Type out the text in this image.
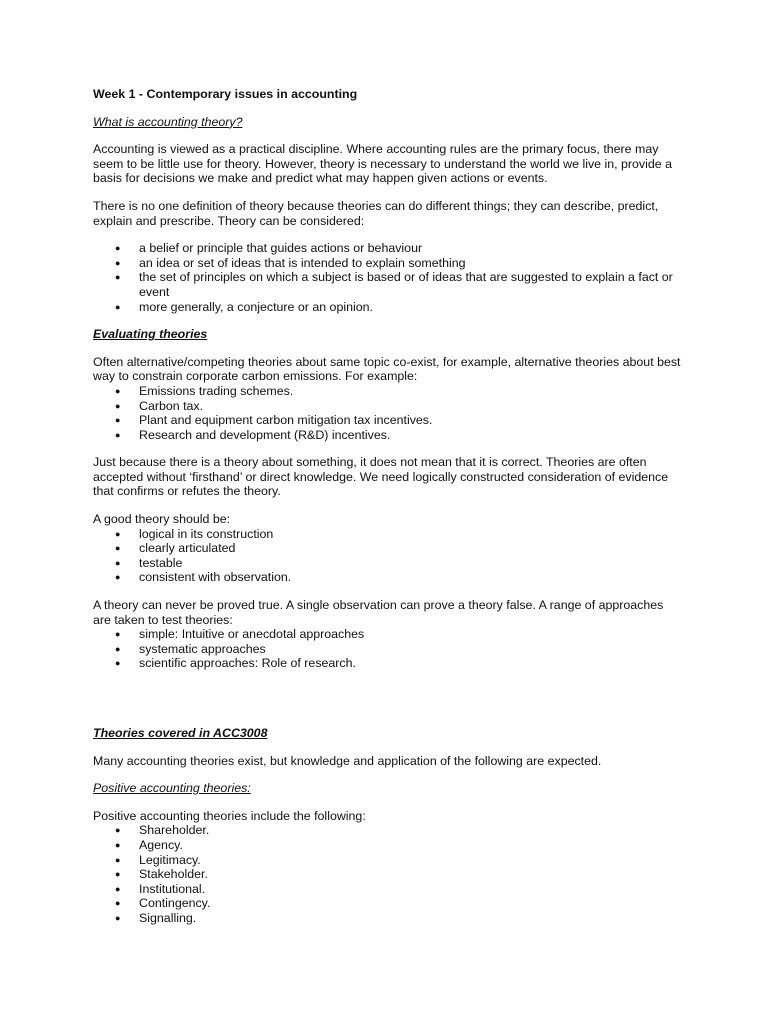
Week 1 - Contemporary issues in accounting
What is accounting theory?

Accounting is viewed as a practical discipline. Where accounting rules are the primary focus, there may seem to be little use for theory. However, theory is necessary to understand the world we live in, provide a basis for decisions we make and predict what may happen given actions or events.

There is no one definition of theory because theories can do different things; they can describe, predict, explain and prescribe. Theory can be considered:

● a belief or principle that guides actions or behaviour
● an idea or set of ideas that is intended to explain something
● the set of principles on which a subject is based or of ideas that are suggested to explain a fact or event
● more generally, a conjecture or an opinion.
Evaluating theories

Often alternative/competing theories about same topic co-exist, for example, alternative theories about best way to constrain corporate carbon emissions. For example:

● Emissions trading schemes.
● Carbon tax.
● Plant and equipment carbon mitigation tax incentives.
● Research and development (R&D) incentives.

Just because there is a theory about something, it does not mean that it is correct. Theories are often accepted without ‘firsthand’ or direct knowledge. We need logically constructed consideration of evidence that confirms or refutes the theory.

A good theory should be:

● logical in its construction
● clearly articulated
● testable
● consistent with observation.

A theory can never be proved true. A single observation can prove a theory false. A range of approaches are taken to test theories:

● simple: Intuitive or anecdotal approaches
● systematic approaches
● scientific approaches: Role of research.
Theories covered in ACC3008

Many accounting theories exist, but knowledge and application of the following are expected.

Positive accounting theories:

Positive accounting theories include the following:

● Shareholder.
● Agency.
● Legitimacy.
● Stakeholder.
● Institutional.
● Contingency.
● Signalling.
